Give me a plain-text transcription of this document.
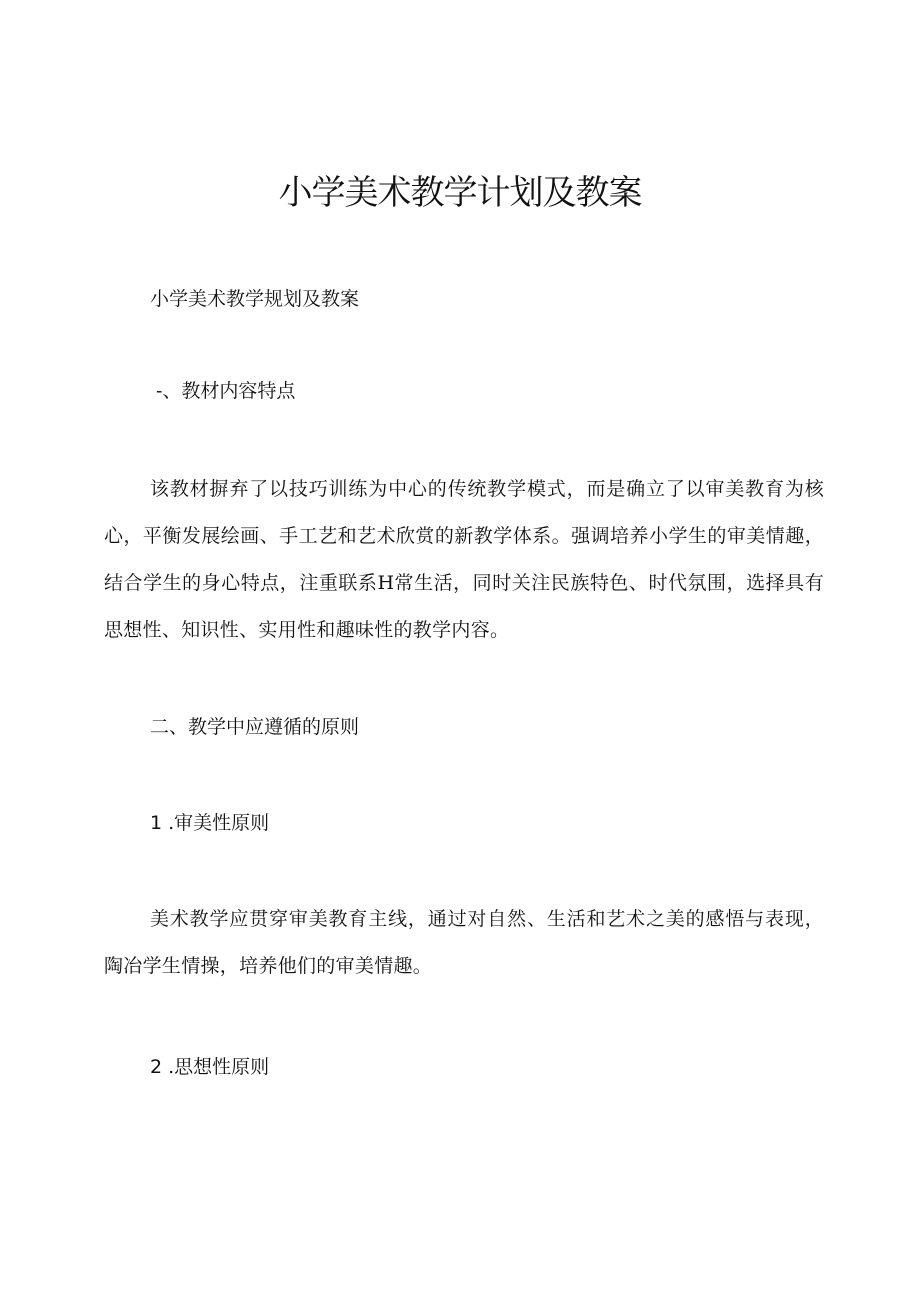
小学美术教学计划及教案

小学美术教学规划及教案

-、教材内容特点

该教材摒弃了以技巧训练为中心的传统教学模式，而是确立了以审美教育为核心，平衡发展绘画、手工艺和艺术欣赏的新教学体系。强调培养小学生的审美情趣，结合学生的身心特点，注重联系H常生活，同时关注民族特色、时代氛围，选择具有思想性、知识性、实用性和趣味性的教学内容。

二、教学中应遵循的原则

1 .审美性原则

美术教学应贯穿审美教育主线，通过对自然、生活和艺术之美的感悟与表现，陶冶学生情操，培养他们的审美情趣。

2 .思想性原则
